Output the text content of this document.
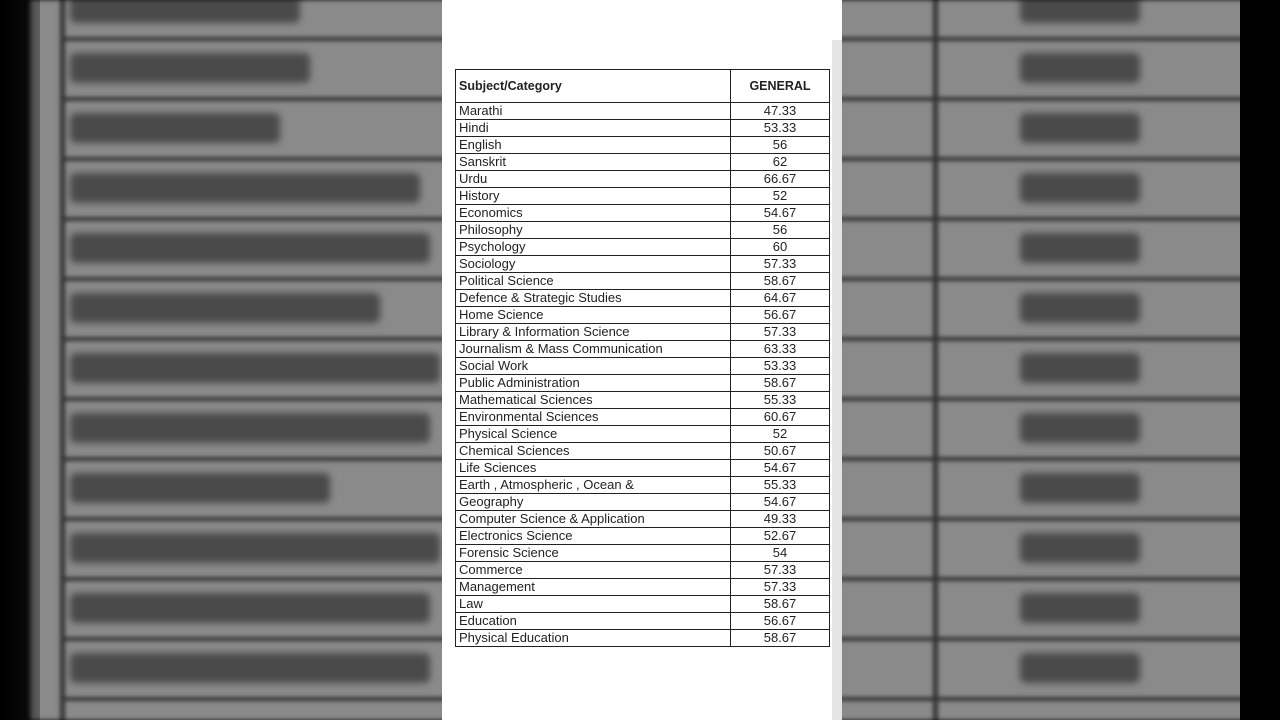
Subject/Category	GENERAL
Marathi	47.33
Hindi	53.33
English	56
Sanskrit	62
Urdu	66.67
History	52
Economics	54.67
Philosophy	56
Psychology	60
Sociology	57.33
Political Science	58.67
Defence & Strategic Studies	64.67
Home Science	56.67
Library & Information Science	57.33
Journalism & Mass Communication	63.33
Social Work	53.33
Public Administration	58.67
Mathematical Sciences	55.33
Environmental Sciences	60.67
Physical Science	52
Chemical Sciences	50.67
Life Sciences	54.67
Earth , Atmospheric , Ocean &	55.33
Geography	54.67
Computer Science & Application	49.33
Electronics Science	52.67
Forensic Science	54
Commerce	57.33
Management	57.33
Law	58.67
Education	56.67
Physical Education	58.67
